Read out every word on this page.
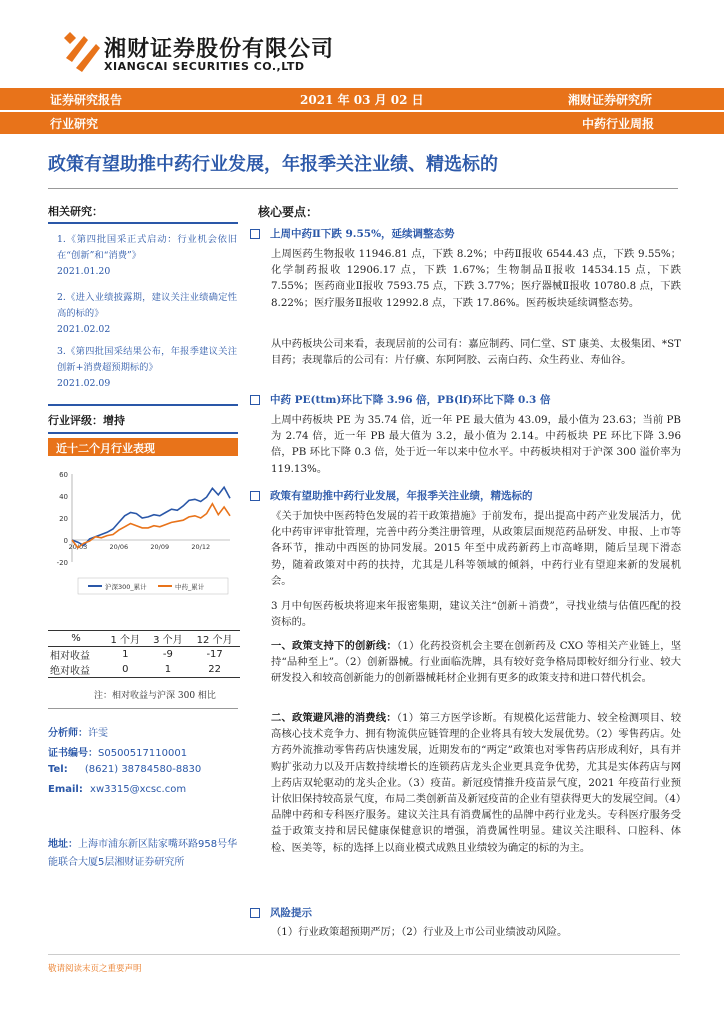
湘财证券股份有限公司
XIANGCAI SECURITIES CO.,LTD
证券研究报告	2021 年 03 月 02 日	湘财证券研究所
行业研究	中药行业周报
政策有望助推中药行业发展，年报季关注业绩、精选标的
相关研究：
1.《第四批国采正式启动：行业机会依旧在“创新”和“消费”》
2021.01.20
2.《进入业绩披露期，建议关注业绩确定性高的标的》
2021.02.02
3.《第四批国采结果公布，年报季建议关注创新+消费超预期标的》
2021.02.09
行业评级：增持
近十二个月行业表现
60
40
20
0
-20
20/03	20/06	20/09	20/12
沪深300_累计	中药_累计
%	1 个月	3 个月	12 个月
相对收益	1	-9	-17
绝对收益	0	1	22
注：相对收益与沪深 300 相比
分析师：许雯
证书编号：S0500517110001
Tel: (8621) 38784580-8830
Email: xw3315@xcsc.com
地址：上海市浦东新区陆家嘴环路958号华能联合大厦5层湘财证券研究所
核心要点：
上周中药Ⅱ下跌 9.55%，延续调整态势
上周医药生物报收 11946.81 点，下跌 8.2%；中药Ⅱ报收 6544.43 点，下跌 9.55%；化学制药报收 12906.17 点，下跌 1.67%；生物制品Ⅱ报收 14534.15 点，下跌 7.55%；医药商业Ⅱ报收 7593.75 点，下跌 3.77%；医疗器械Ⅱ报收 10780.8 点，下跌 8.22%；医疗服务Ⅱ报收 12992.8 点，下跌 17.86%。医药板块延续调整态势。
从中药板块公司来看，表现居前的公司有：嘉应制药、同仁堂、ST 康美、太极集团、*ST 目药；表现靠后的公司有：片仔癀、东阿阿胶、云南白药、众生药业、寿仙谷。
中药 PE(ttm)环比下降 3.96 倍，PB(lf)环比下降 0.3 倍
上周中药板块 PE 为 35.74 倍，近一年 PE 最大值为 43.09，最小值为 23.63；当前 PB 为 2.74 倍，近一年 PB 最大值为 3.2，最小值为 2.14。中药板块 PE 环比下降 3.96 倍，PB 环比下降 0.3 倍，处于近一年以来中位水平。中药板块相对于沪深 300 溢价率为 119.13%。
政策有望助推中药行业发展，年报季关注业绩，精选标的
《关于加快中医药特色发展的若干政策措施》于前发布，提出提高中药产业发展活力，优化中药审评审批管理，完善中药分类注册管理，从政策层面规范药品研发、申报、上市等各环节，推动中西医的协同发展。2015 年至中成药新药上市高峰期，随后呈现下滑态势，随着政策对中药的扶持，尤其是儿科等领域的倾斜，中药行业有望迎来新的发展机会。
3 月中旬医药板块将迎来年报密集期，建议关注“创新＋消费”，寻找业绩与估值匹配的投资标的。
一、政策支持下的创新线：（1）化药投资机会主要在创新药及 CXO 等相关产业链上，坚持“品种至上”。（2）创新器械。行业面临洗牌，具有较好竞争格局即較好细分行业、较大研发投入和较高创新能力的创新器械耗材企业拥有更多的政策支持和进口替代机会。
二、政策避风港的消费线：（1）第三方医学诊断。有规模化运营能力、较全检测项目、较高核心技术竞争力、拥有物流供应链管理的企业将具有较大发展优势。（2）零售药店。处方药外流推动零售药店快速发展，近期发布的“两定”政策也对零售药店形成利好，具有并购扩张动力以及开店数持续增长的连锁药店龙头企业更具竞争优势，尤其是实体药店与网上药店双轮驱动的龙头企业。（3）疫苗。新冠疫情推升疫苗景气度，2021 年疫苗行业预计依旧保持较高景气度，布局二类创新苗及新冠疫苗的企业有望获得更大的发展空间。（4）品牌中药和专科医疗服务。建议关注具有消费属性的品牌中药行业龙头。专科医疗服务受益于政策支持和居民健康保健意识的增强，消费属性明显。建议关注眼科、口腔科、体检、医美等，标的选择上以商业模式成熟且业绩较为确定的标的为主。
风险提示
（1）行业政策超预期严厉；（2）行业及上市公司业绩波动风险。
敬请阅读末页之重要声明
